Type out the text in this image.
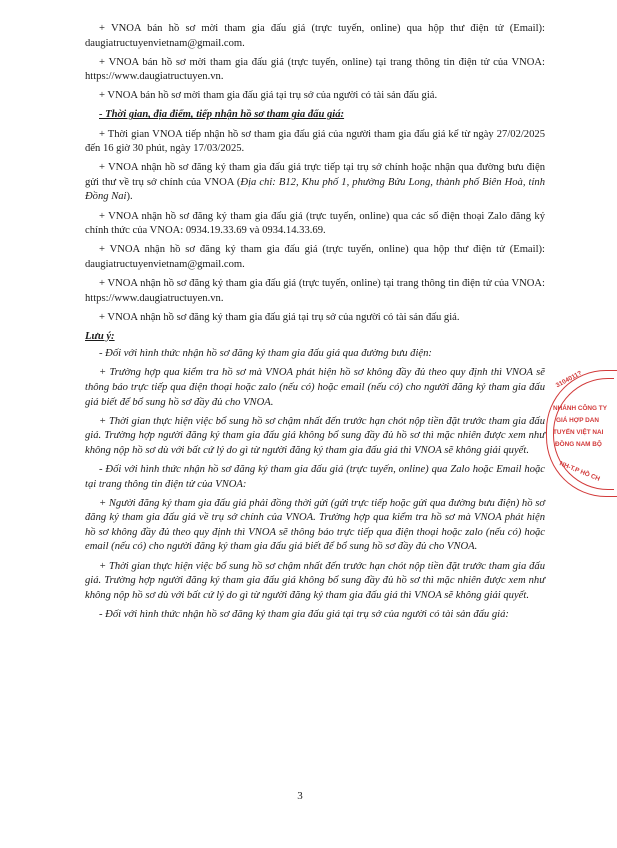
+ VNOA bán hồ sơ mời tham gia đấu giá (trực tuyến, online) qua hộp thư điện tử (Email): daugiatructuyenvietnam@gmail.com.

+ VNOA bán hồ sơ mời tham gia đấu giá (trực tuyến, online) tại trang thông tin điện tử của VNOA: https://www.daugiatructuyen.vn.

+ VNOA bán hồ sơ mời tham gia đấu giá tại trụ sở của người có tài sản đấu giá.

- Thời gian, địa điểm, tiếp nhận hồ sơ tham gia đấu giá:

+ Thời gian VNOA tiếp nhận hồ sơ tham gia đấu giá của người tham gia đấu giá kể từ ngày 27/02/2025 đến 16 giờ 30 phút, ngày 17/03/2025.

+ VNOA nhận hồ sơ đăng ký tham gia đấu giá trực tiếp tại trụ sở chính hoặc nhận qua đường bưu điện gửi thư về trụ sở chính của VNOA (Địa chỉ: B12, Khu phố 1, phường Bửu Long, thành phố Biên Hoà, tỉnh Đồng Nai).

+ VNOA nhận hồ sơ đăng ký tham gia đấu giá (trực tuyến, online) qua các số điện thoại Zalo đăng ký chính thức của VNOA: 0934.19.33.69 và 0934.14.33.69.

+ VNOA nhận hồ sơ đăng ký tham gia đấu giá (trực tuyến, online) qua hộp thư điện tử (Email): daugiatructuyenvietnam@gmail.com.

+ VNOA nhận hồ sơ đăng ký tham gia đấu giá (trực tuyến, online) tại trang thông tin điện tử của VNOA: https://www.daugiatructuyen.vn.

+ VNOA nhận hồ sơ đăng ký tham gia đấu giá tại trụ sở của người có tài sản đấu giá.

Lưu ý:

- Đối với hình thức nhận hồ sơ đăng ký tham gia đấu giá qua đường bưu điện:

+ Trường hợp qua kiểm tra hồ sơ mà VNOA phát hiện hồ sơ không đầy đủ theo quy định thì VNOA sẽ thông báo trực tiếp qua điện thoại hoặc zalo (nếu có) hoặc email (nếu có) cho người đăng ký tham gia đấu giá biết để bổ sung hồ sơ đầy đủ cho VNOA.

+ Thời gian thực hiện việc bổ sung hồ sơ chậm nhất đến trước hạn chót nộp tiền đặt trước tham gia đấu giá. Trường hợp người đăng ký tham gia đấu giá không bổ sung đầy đủ hồ sơ thì mặc nhiên được xem như không nộp hồ sơ dù với bất cứ lý do gì từ người đăng ký tham gia đấu giá thì VNOA sẽ không giải quyết.

- Đối với hình thức nhận hồ sơ đăng ký tham gia đấu giá (trực tuyến, online) qua Zalo hoặc Email hoặc tại trang thông tin điện tử của VNOA:

+ Người đăng ký tham gia đấu giá phải đồng thời gửi (gửi trực tiếp hoặc gửi qua đường bưu điện) hồ sơ đăng ký tham gia đấu giá về trụ sở chính của VNOA. Trường hợp qua kiểm tra hồ sơ mà VNOA phát hiện hồ sơ không đầy đủ theo quy định thì VNOA sẽ thông báo trực tiếp qua điện thoại hoặc zalo (nếu có) hoặc email (nếu có) cho người đăng ký tham gia đấu giá biết để bổ sung hồ sơ đầy đủ cho VNOA.

+ Thời gian thực hiện việc bổ sung hồ sơ chậm nhất đến trước hạn chót nộp tiền đặt trước tham gia đấu giá. Trường hợp người đăng ký tham gia đấu giá không bổ sung đầy đủ hồ sơ thì mặc nhiên được xem như không nộp hồ sơ dù với bất cứ lý do gì từ người đăng ký tham gia đấu giá thì VNOA sẽ không giải quyết.

- Đối với hình thức nhận hồ sơ đăng ký tham gia đấu giá tại trụ sở của người có tài sản đấu giá:

3104011?
NHÁNH CÔNG TY
GIÁ HỢP DAN
TUYẾN VIỆT NAI
ĐỒNG NAM BỘ
NH-T.P HỒ CH
3
